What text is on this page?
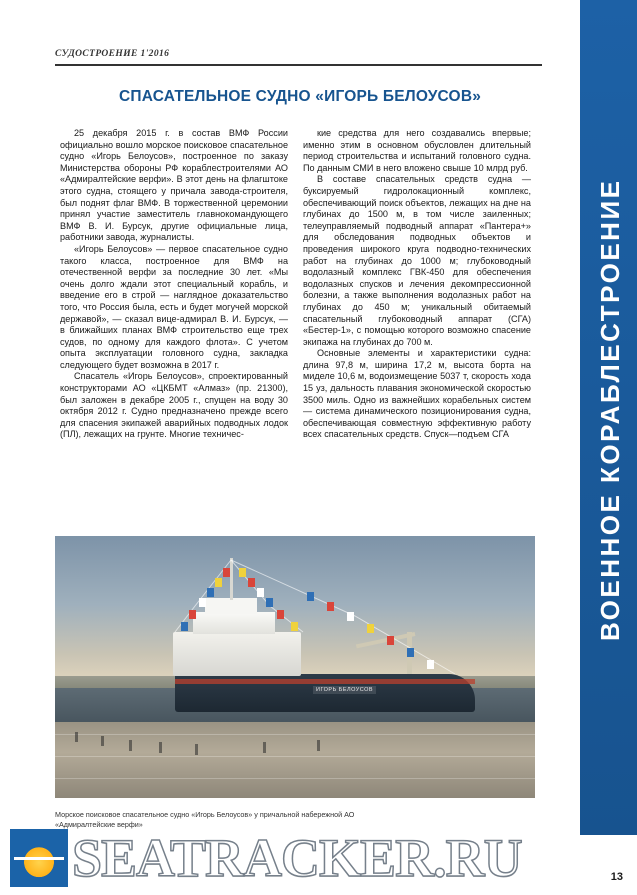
СУДОСТРОЕНИЕ 1'2016
ВОЕННОЕ КОРАБЛЕСТРОЕНИЕ
СПАСАТЕЛЬНОЕ СУДНО «ИГОРЬ БЕЛОУСОВ»

25 декабря 2015 г. в состав ВМФ России официально вошло морское поисковое спасательное судно «Игорь Белоусов», построенное по заказу Министерства обороны РФ кораблестроителями АО «Адмиралтейские верфи». В этот день на флагштоке этого судна, стоящего у причала завода-строителя, был поднят флаг ВМФ. В торжественной церемонии принял участие заместитель главнокомандующего ВМФ В. И. Бурсук, другие официальные лица, работники завода, журналисты.

«Игорь Белоусов» — первое спасательное судно такого класса, построенное для ВМФ на отечественной верфи за последние 30 лет. «Мы очень долго ждали этот специальный корабль, и введение его в строй — наглядное доказательство того, что Россия была, есть и будет могучей морской державой», — сказал вице-адмирал В. И. Бурсук, — в ближайших планах ВМФ строительство еще трех судов, по одному для каждого флота». С учетом опыта эксплуатации головного судна, закладка следующего будет возможна в 2017 г.

Спасатель «Игорь Белоусов», спроектированный конструкторами АО «ЦКБМТ «Алмаз» (пр. 21300), был заложен в декабре 2005 г., спущен на воду 30 октября 2012 г. Судно предназначено прежде всего для спасения экипажей аварийных подводных лодок (ПЛ), лежащих на грунте. Многие техничес-

кие средства для него создавались впервые; именно этим в основном обусловлен длительный период строительства и испытаний головного судна. По данным СМИ в него вложено свыше 10 млрд руб.

В составе спасательных средств судна — буксируемый гидролокационный комплекс, обеспечивающий поиск объектов, лежащих на дне на глубинах до 1500 м, в том числе заиленных; телеуправляемый подводный аппарат «Пантера+» для обследования подводных объектов и проведения широкого круга подводно-технических работ на глубинах до 1000 м; глубоководный водолазный комплекс ГВК-450 для обеспечения водолазных спусков и лечения декомпрессионной болезни, а также выполнения водолазных работ на глубинах до 450 м; уникальный обитаемый спасательный глубоководный аппарат (СГА) «Бестер-1», с помощью которого возможно спасение экипажа на глубинах до 700 м.

Основные элементы и характеристики судна: длина 97,8 м, ширина 17,2 м, высота борта на миделе 10,6 м, водоизмещение 5037 т, скорость хода 15 уз, дальность плавания экономической скоростью 3500 миль. Одно из важнейших корабельных систем — система динамического позиционирования судна, обеспечивающая совместную эффективную работу всех спасательных средств. Спуск—подъем СГА

ИГОРЬ БЕЛОУСОВ
Морское поисковое спасательное судно «Игорь Белоусов» у причальной набережной АО «Адмиралтейские верфи»
13
SEATRACKER.RU
